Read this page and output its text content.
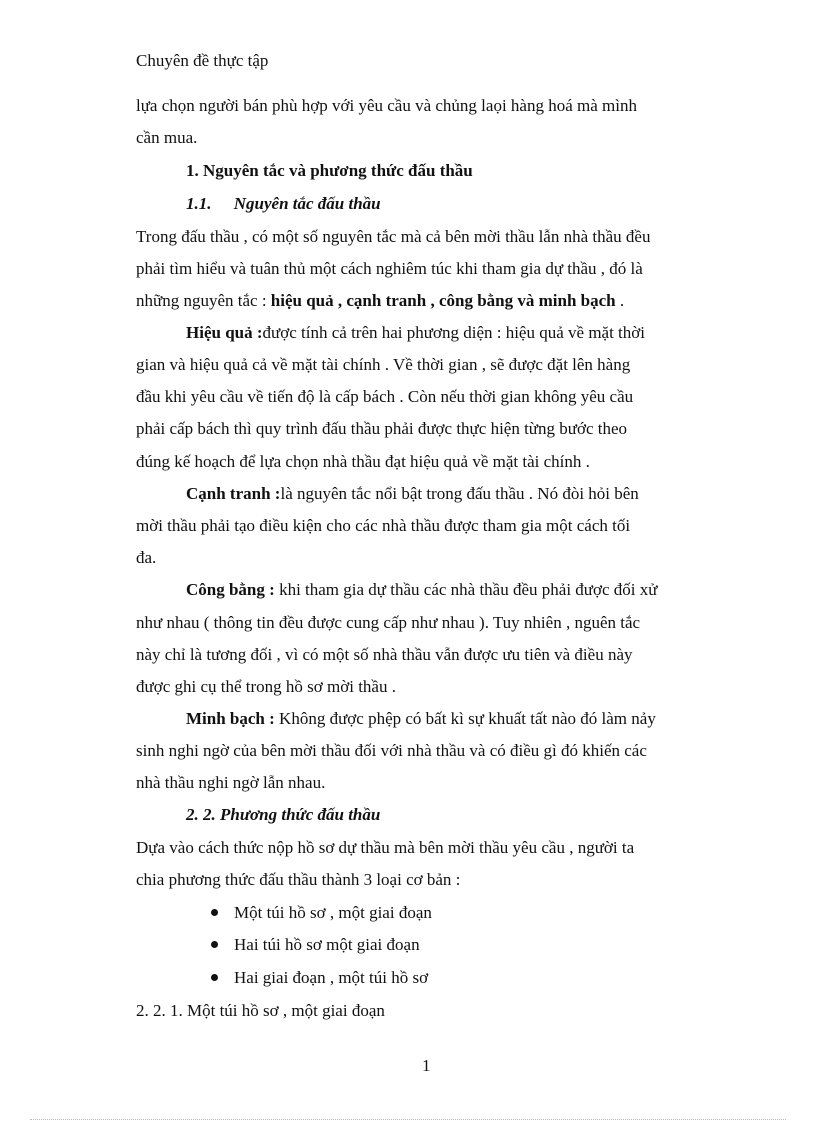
Chuyên đề thực tập
lựa chọn người bán phù hợp với yêu cầu và chủng laọi hàng hoá mà mình
cần mua.
1. Nguyên tắc và phương thức đấu thầu
1.1. Nguyên tắc đấu thầu
Trong đấu thầu , có một số nguyên tắc mà cả bên mời thầu lẫn nhà thầu đều
phải tìm hiểu và tuân thủ một cách nghiêm túc khi tham gia dự thầu , đó là
những nguyên tắc : hiệu quả , cạnh tranh , công bằng và minh bạch .
Hiệu quả :được tính cả trên hai phương diện : hiệu quả về mặt thời
gian và hiệu quả cả về mặt tài chính . Về thời gian , sẽ được đặt lên hàng
đầu khi yêu cầu về tiến độ là cấp bách . Còn nếu thời gian không yêu cầu
phải cấp bách thì quy trình đấu thầu phải được thực hiện từng bước theo
đúng kế hoạch để lựa chọn nhà thầu đạt hiệu quả về mặt tài chính .
Cạnh tranh :là nguyên tắc nổi bật trong đấu thầu . Nó đòi hỏi bên
mời thầu phải tạo điều kiện cho các nhà thầu được tham gia một cách tối
đa.
Công bằng : khi tham gia dự thầu các nhà thầu đều phải được đối xử
như nhau ( thông tin đều được cung cấp như nhau ). Tuy nhiên , nguên tắc
này chỉ là tương đối , vì có một số nhà thầu vẫn được ưu tiên và điều này
được ghi cụ thể trong hồ sơ mời thầu .
Minh bạch : Không được phệp có bất kì sự khuất tất nào đó làm nảy
sinh nghi ngờ của bên mời thầu đối với nhà thầu và có điều gì đó khiến các
nhà thầu nghi ngờ lẫn nhau.
2. 2. Phương thức đấu thầu
Dựa vào cách thức nộp hồ sơ dự thầu mà bên mời thầu yêu cầu , người ta
chia phương thức đấu thầu thành 3 loại cơ bản :
Một túi hồ sơ , một giai đoạn
Hai túi hồ sơ một giai đoạn
Hai giai đoạn , một túi hồ sơ
2. 2. 1. Một túi hồ sơ , một giai đoạn
1
